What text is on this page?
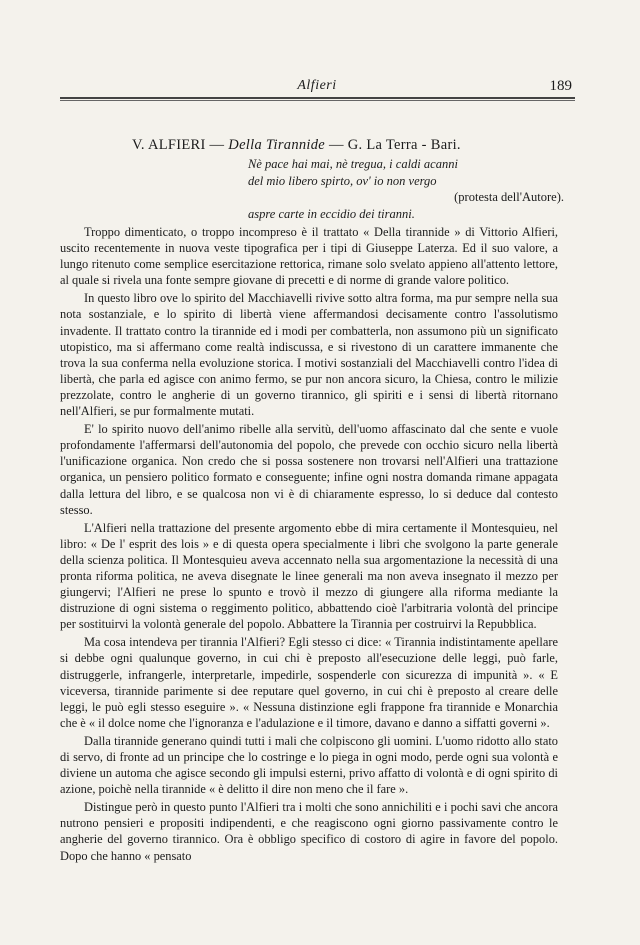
Alfieri	189
V. ALFIERI — Della Tirannide — G. La Terra - Bari.
Nè pace hai mai, nè tregua, i caldi acanni
del mio libero spirto, ov' io non vergo
(protesta dell'Autore).
aspre carte in eccidio dei tiranni.

Troppo dimenticato, o troppo incompreso è il trattato « Della tirannide » di Vittorio Alfieri, uscito recentemente in nuova veste tipografica per i tipi di Giuseppe Laterza. Ed il suo valore, a lungo ritenuto come semplice esercitazione rettorica, rimane solo svelato appieno all'attento lettore, al quale si rivela una fonte sempre giovane di precetti e di norme di grande valore politico.

In questo libro ove lo spirito del Macchiavelli rivive sotto altra forma, ma pur sempre nella sua nota sostanziale, e lo spirito di libertà viene affermandosi decisamente contro l'assolutismo invadente. Il trattato contro la tirannide ed i modi per combatterla, non assumono più un significato utopistico, ma si affermano come realtà indiscussa, e si rivestono di un carattere immanente che trova la sua conferma nella evoluzione storica. I motivi sostanziali del Macchiavelli contro l'idea di libertà, che parla ed agisce con animo fermo, se pur non ancora sicuro, la Chiesa, contro le milizie prezzolate, contro le angherie di un governo tirannico, gli spiriti e i sensi di libertà ritornano nell'Alfieri, se pur formalmente mutati.

E' lo spirito nuovo dell'animo ribelle alla servitù, dell'uomo affascinato dal che sente e vuole profondamente l'affermarsi dell'autonomia del popolo, che prevede con occhio sicuro nella libertà l'unificazione organica. Non credo che si possa sostenere non trovarsi nell'Alfieri una trattazione organica, un pensiero politico formato e conseguente; infine ogni nostra domanda rimane appagata dalla lettura del libro, e se qualcosa non vi è di chiaramente espresso, lo si deduce dal contesto stesso.

L'Alfieri nella trattazione del presente argomento ebbe di mira certamente il Montesquieu, nel libro: « De l' esprit des lois » e di questa opera specialmente i libri che svolgono la parte generale della scienza politica. Il Montesquieu aveva accennato nella sua argomentazione la necessità di una pronta riforma politica, ne aveva disegnate le linee generali ma non aveva insegnato il mezzo per giungervi; l'Alfieri ne prese lo spunto e trovò il mezzo di giungere alla riforma mediante la distruzione di ogni sistema o reggimento politico, abbattendo cioè l'arbitraria volontà del principe per sostituirvi la volontà generale del popolo. Abbattere la Tirannia per costruirvi la Repubblica.

Ma cosa intendeva per tirannia l'Alfieri? Egli stesso ci dice: « Tirannia indistintamente apellare si debbe ogni qualunque governo, in cui chi è preposto all'esecuzione delle leggi, può farle, distruggerle, infrangerle, interpretarle, impedirle, sospenderle con sicurezza di impunità ». « E viceversa, tirannide parimente si dee reputare quel governo, in cui chi è preposto al creare delle leggi, le può egli stesso eseguire ». « Nessuna distinzione egli frappone fra tirannide e Monarchia che è « il dolce nome che l'ignoranza e l'adulazione e il timore, davano e danno a siffatti governi ».

Dalla tirannide generano quindi tutti i mali che colpiscono gli uomini. L'uomo ridotto allo stato di servo, di fronte ad un principe che lo costringe e lo piega in ogni modo, perde ogni sua volontà e diviene un automa che agisce secondo gli impulsi esterni, privo affatto di volontà e di ogni spirito di azione, poichè nella tirannide « è delitto il dire non meno che il fare ».

Distingue però in questo punto l'Alfieri tra i molti che sono annichiliti e i pochi savi che ancora nutrono pensieri e propositi indipendenti, e che reagiscono ogni giorno passivamente contro le angherie del governo tirannico. Ora è obbligo specifico di costoro di agire in favore del popolo. Dopo che hanno « pensato
